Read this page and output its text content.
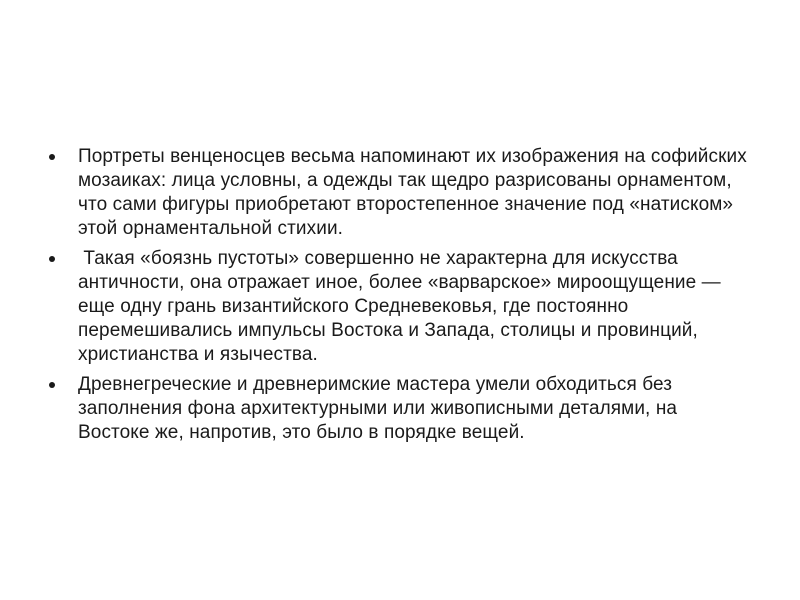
Портреты венценосцев весьма напоминают их изображения на софийских мозаиках: лица условны, а одежды так щедро разрисованы орнаментом, что сами фигуры приобретают второстепенное значение под «натиском» этой орнаментальной стихии.
Такая «боязнь пустоты» совершенно не характерна для искусства античности, она отражает иное, более «варварское» мироощущение — еще одну грань византийского Средневековья, где постоянно перемешивались импульсы Востока и Запада, столицы и провинций, христианства и язычества.
Древнегреческие и древнеримские мастера умели обходиться без заполнения фона архитектурными или живописными деталями, на Востоке же, напротив, это было в порядке вещей.
